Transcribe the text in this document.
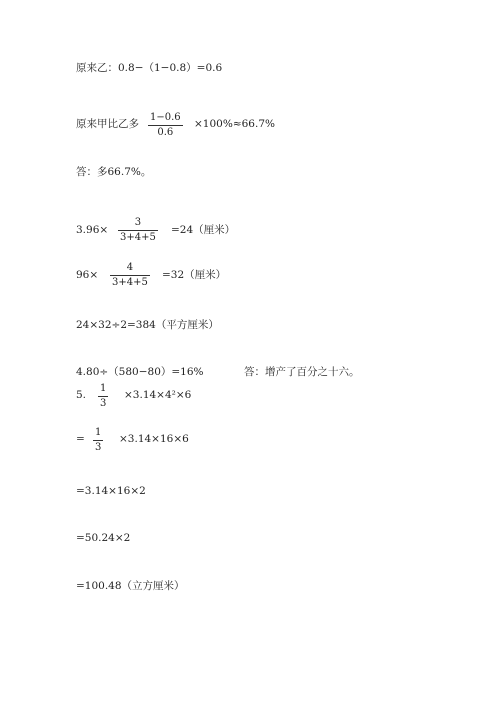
原来乙：0.8−（1−0.8）=0.6
原来甲比乙多
1−0.6
0.6
×100%≈66.7%
答：多66.7%。
3.96×
3
3+4+5
=24（厘米）
96×
4
3+4+5
=32（厘米）
24×32÷2=384（平方厘米）
4.80÷（580−80）=16%	答：增产了百分之十六。
5.
1
3
×3.14×4²×6
=
1
3
×3.14×16×6
=3.14×16×2
=50.24×2
=100.48（立方厘米）
